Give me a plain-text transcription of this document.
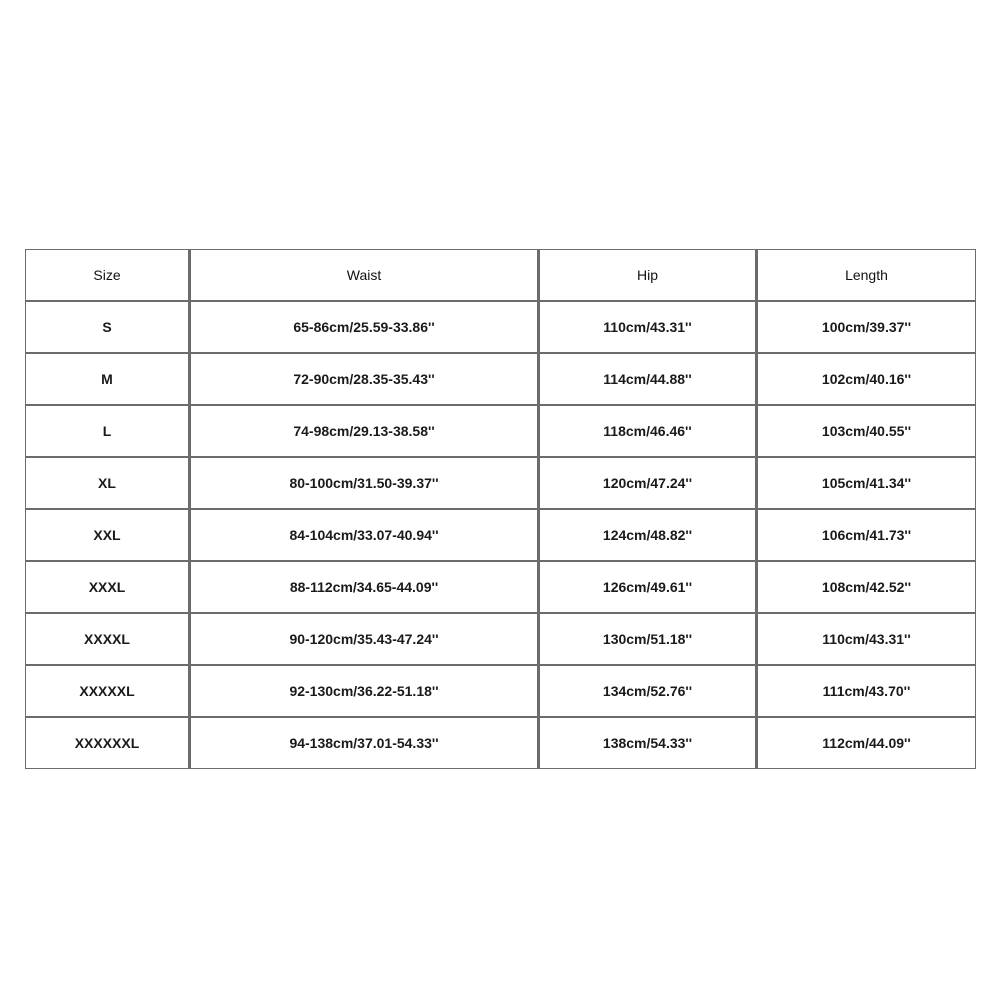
Size	Waist	Hip	Length
S	65-86cm/25.59-33.86''	110cm/43.31''	100cm/39.37''
M	72-90cm/28.35-35.43''	114cm/44.88''	102cm/40.16''
L	74-98cm/29.13-38.58''	118cm/46.46''	103cm/40.55''
XL	80-100cm/31.50-39.37''	120cm/47.24''	105cm/41.34''
XXL	84-104cm/33.07-40.94''	124cm/48.82''	106cm/41.73''
XXXL	88-112cm/34.65-44.09''	126cm/49.61''	108cm/42.52''
XXXXL	90-120cm/35.43-47.24''	130cm/51.18''	110cm/43.31''
XXXXXL	92-130cm/36.22-51.18''	134cm/52.76''	111cm/43.70''
XXXXXXL	94-138cm/37.01-54.33''	138cm/54.33''	112cm/44.09''
